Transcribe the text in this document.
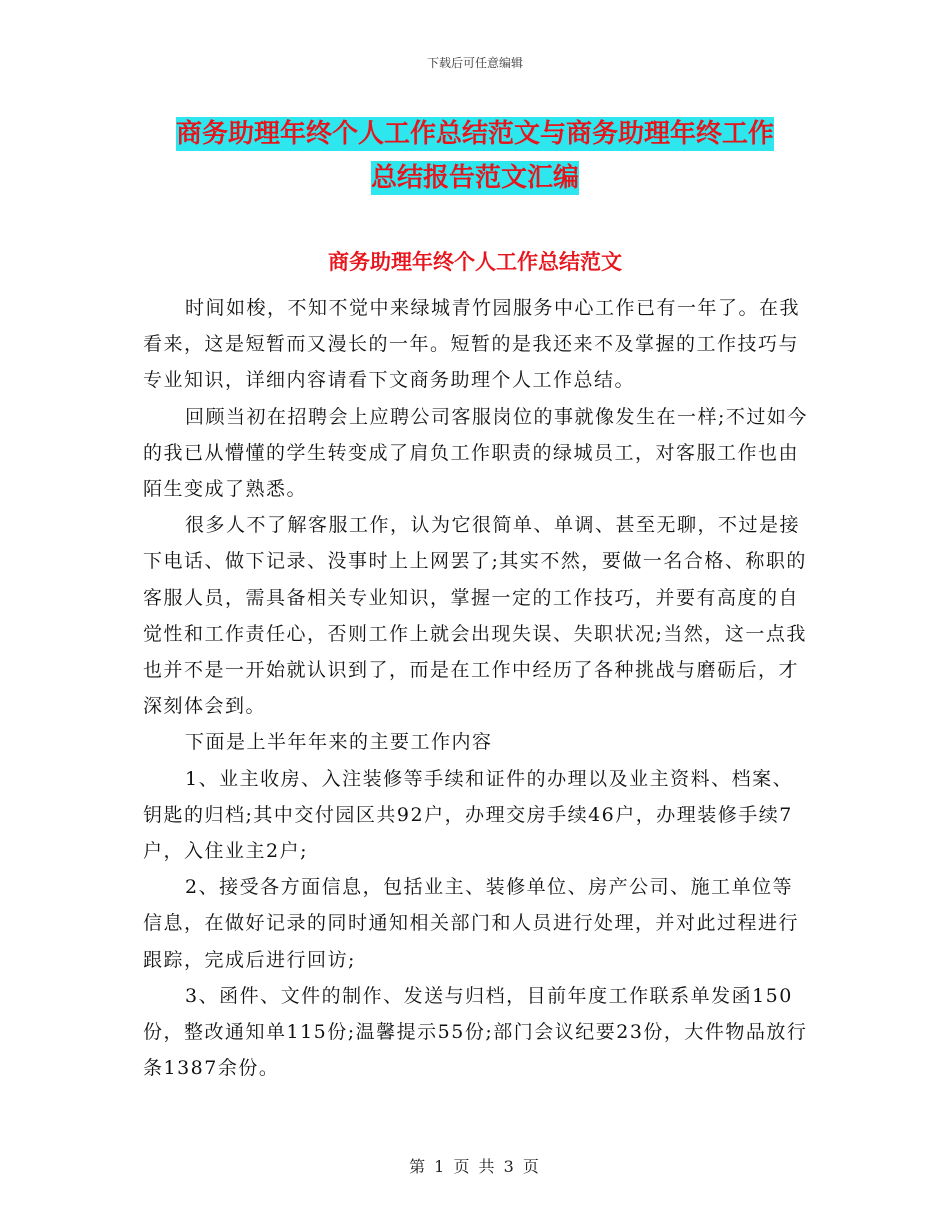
下载后可任意编辑
商务助理年终个人工作总结范文与商务助理年终工作
总结报告范文汇编
商务助理年终个人工作总结范文

时间如梭，不知不觉中来绿城青竹园服务中心工作已有一年了。在我看来，这是短暂而又漫长的一年。短暂的是我还来不及掌握的工作技巧与专业知识，详细内容请看下文商务助理个人工作总结。

回顾当初在招聘会上应聘公司客服岗位的事就像发生在一样;不过如今的我已从懵懂的学生转变成了肩负工作职责的绿城员工，对客服工作也由陌生变成了熟悉。

很多人不了解客服工作，认为它很简单、单调、甚至无聊，不过是接下电话、做下记录、没事时上上网罢了;其实不然，要做一名合格、称职的客服人员，需具备相关专业知识，掌握一定的工作技巧，并要有高度的自觉性和工作责任心，否则工作上就会出现失误、失职状况;当然，这一点我也并不是一开始就认识到了，而是在工作中经历了各种挑战与磨砺后，才深刻体会到。

下面是上半年年来的主要工作内容

1、业主收房、入注装修等手续和证件的办理以及业主资料、档案、钥匙的归档;其中交付园区共92户，办理交房手续46户，办理装修手续7户，入住业主2户;

2、接受各方面信息，包括业主、装修单位、房产公司、施工单位等信息，在做好记录的同时通知相关部门和人员进行处理，并对此过程进行跟踪，完成后进行回访;

3、函件、文件的制作、发送与归档，目前年度工作联系单发函150份，整改通知单115份;温馨提示55份;部门会议纪要23份，大件物品放行条1387余份。

第 1 页 共 3 页
